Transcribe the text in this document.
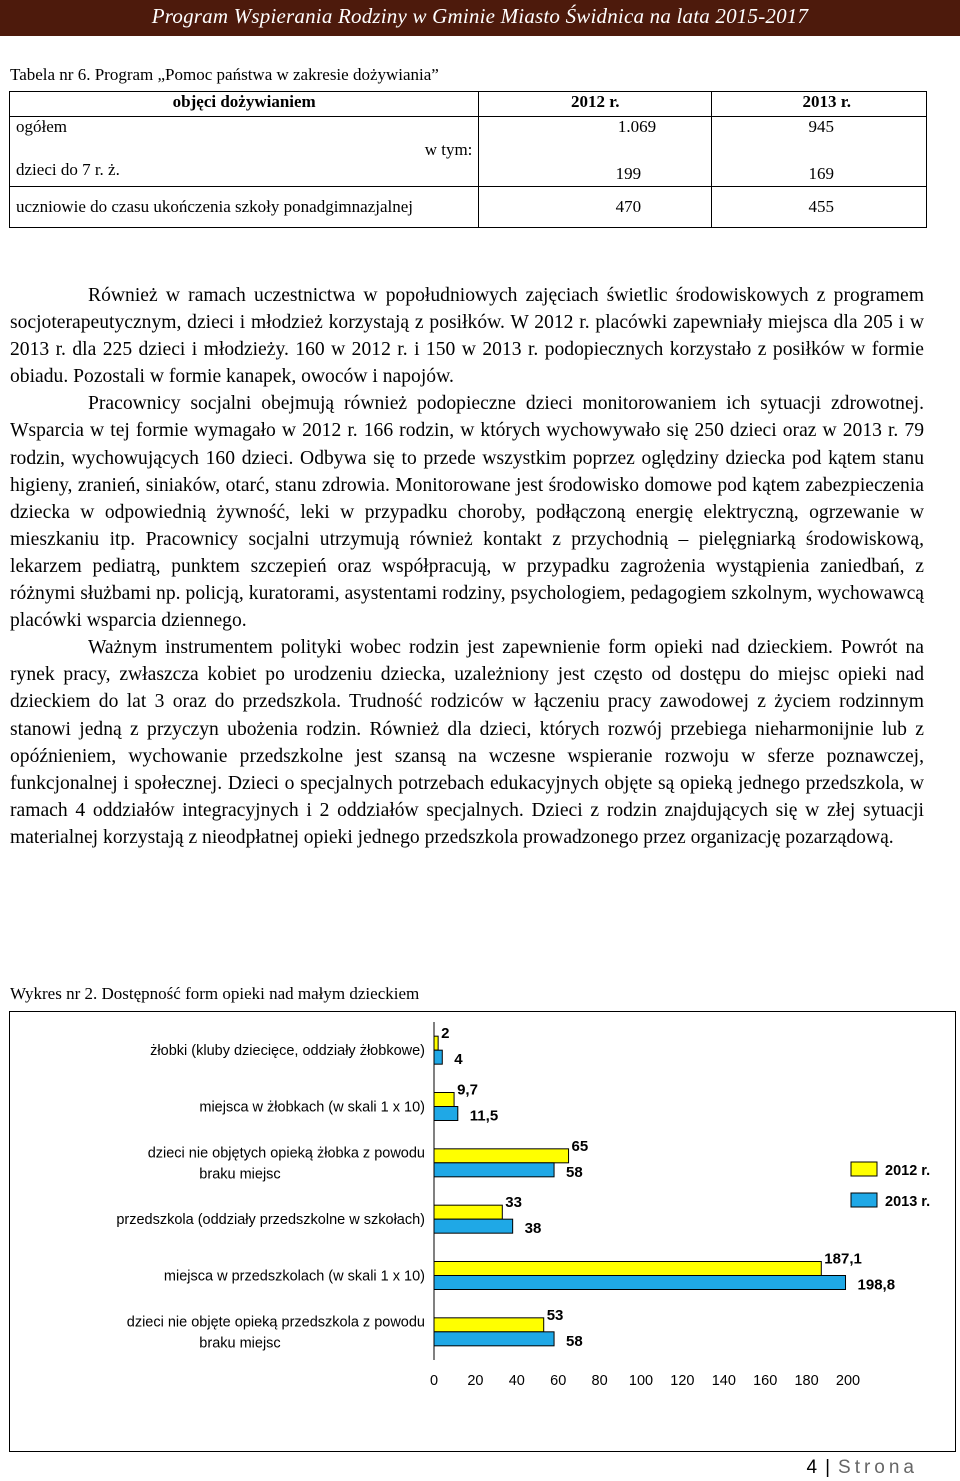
Program Wspierania Rodziny w Gminie Miasto Świdnica na lata 2015-2017
Tabela nr 6. Program „Pomoc państwa w zakresie dożywiania”
objęci dożywianiem	2012 r.	2013 r.
ogółem	1.069	945

w tym:
dzieci do 7 r. ż.	199	169
uczniowie do czasu ukończenia szkoły ponadgimnazjalnej	470	455

Również w ramach uczestnictwa w popołudniowych zajęciach świetlic środowiskowych z programem socjoterapeutycznym, dzieci i młodzież korzystają z posiłków. W 2012 r. placówki zapewniały miejsca dla 205 i w 2013 r. dla 225 dzieci i młodzieży. 160 w 2012 r. i 150 w 2013 r. podopiecznych korzystało z posiłków w formie obiadu. Pozostali w formie kanapek, owoców i napojów.

Pracownicy socjalni obejmują również podopieczne dzieci monitorowaniem ich sytuacji zdrowotnej. Wsparcia w tej formie wymagało w 2012 r. 166 rodzin, w których wychowywało się 250 dzieci oraz w 2013 r. 79 rodzin, wychowujących 160 dzieci. Odbywa się to przede wszystkim poprzez oględziny dziecka pod kątem stanu higieny, zranień, siniaków, otarć, stanu zdrowia. Monitorowane jest środowisko domowe pod kątem zabezpieczenia dziecka w odpowiednią żywność, leki w przypadku choroby, podłączoną energię elektryczną, ogrzewanie w mieszkaniu itp. Pracownicy socjalni utrzymują również kontakt z przychodnią – pielęgniarką środowiskową, lekarzem pediatrą, punktem szczepień oraz współpracują, w przypadku zagrożenia wystąpienia zaniedbań, z różnymi służbami np. policją, kuratorami, asystentami rodziny, psychologiem, pedagogiem szkolnym, wychowawcą placówki wsparcia dziennego.

Ważnym instrumentem polityki wobec rodzin jest zapewnienie form opieki nad dzieckiem. Powrót na rynek pracy, zwłaszcza kobiet po urodzeniu dziecka, uzależniony jest często od dostępu do miejsc opieki nad dzieckiem do lat 3 oraz do przedszkola. Trudność rodziców w łączeniu pracy zawodowej z życiem rodzinnym stanowi jedną z przyczyn ubożenia rodzin. Również dla dzieci, których rozwój przebiega nieharmonijnie lub z opóźnieniem, wychowanie przedszkolne jest szansą na wczesne wspieranie rozwoju w sferze poznawczej, funkcjonalnej i społecznej. Dzieci o specjalnych potrzebach edukacyjnych objęte są opieką jednego przedszkola, w ramach 4 oddziałów integracyjnych i 2 oddziałów specjalnych. Dzieci z rodzin znajdujących się w złej sytuacji materialnej korzystają z nieodpłatnej opieki jednego przedszkola prowadzonego przez organizację pozarządową.

Wykres nr 2. Dostępność form opieki nad małym dzieckiem
żłobki (kluby dziecięce, oddziały żłobkowe)
2
4
miejsca w żłobkach (w skali 1 x 10)
9,7
11,5
dzieci nie objętych opieką żłobka z powodu
braku miejsc
65
58
przedszkola (oddziały przedszkolne w szkołach)
33
38
miejsca w przedszkolach (w skali 1 x 10)
187,1
198,8
dzieci nie objęte opieką przedszkola z powodu
braku miejsc
53
58
0 20 40 60 80 100 120 140 160 180 200
2012 r.
2013 r.
4 | Strona
